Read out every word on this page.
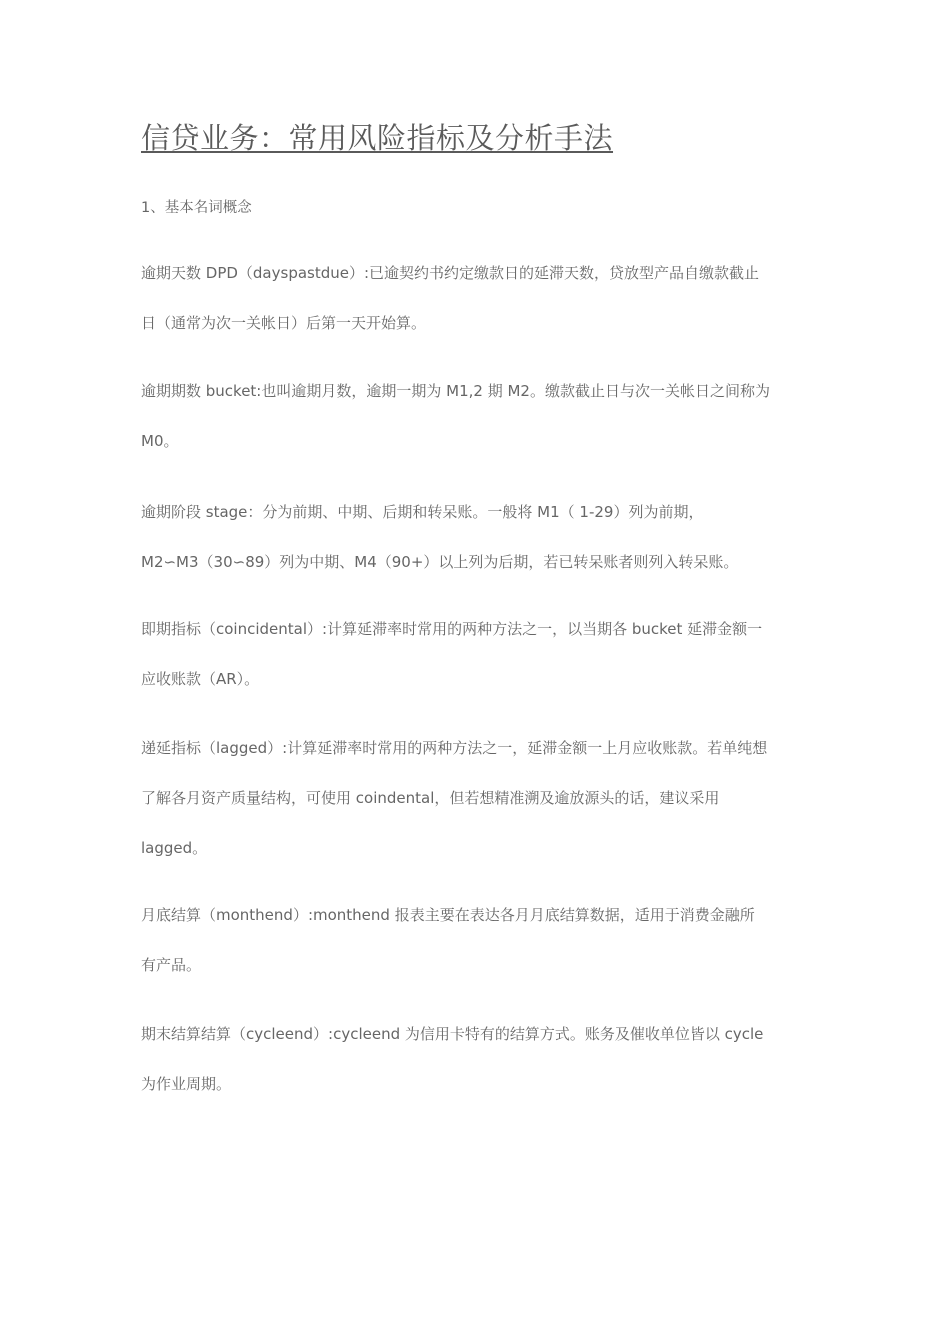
信贷业务：常用风险指标及分析手法

1、基本名词概念

逾期天数 DPD（dayspastdue）:已逾契约书约定缴款日的延滞天数，贷放型产品自缴款截止
日（通常为次一关帐日）后第一天开始算。
逾期期数 bucket:也叫逾期月数，逾期一期为 M1,2 期 M2。缴款截止日与次一关帐日之间称为
M0。
逾期阶段 stage：分为前期、中期、后期和转呆账。一般将 M1（ 1-29）列为前期，
M2∽M3（30∽89）列为中期、M4（90+）以上列为后期，若已转呆账者则列入转呆账。
即期指标（coincidental）:计算延滞率时常用的两种方法之一，以当期各 bucket 延滞金额一
应收账款（AR）。
递延指标（lagged）:计算延滞率时常用的两种方法之一，延滞金额一上月应收账款。若单纯想
了解各月资产质量结构，可使用 coindental，但若想精准溯及逾放源头的话，建议采用
lagged。
月底结算（monthend）:monthend 报表主要在表达各月月底结算数据，适用于消费金融所
有产品。
期末结算结算（cycleend）:cycleend 为信用卡特有的结算方式。账务及催收单位皆以 cycle
为作业周期。
